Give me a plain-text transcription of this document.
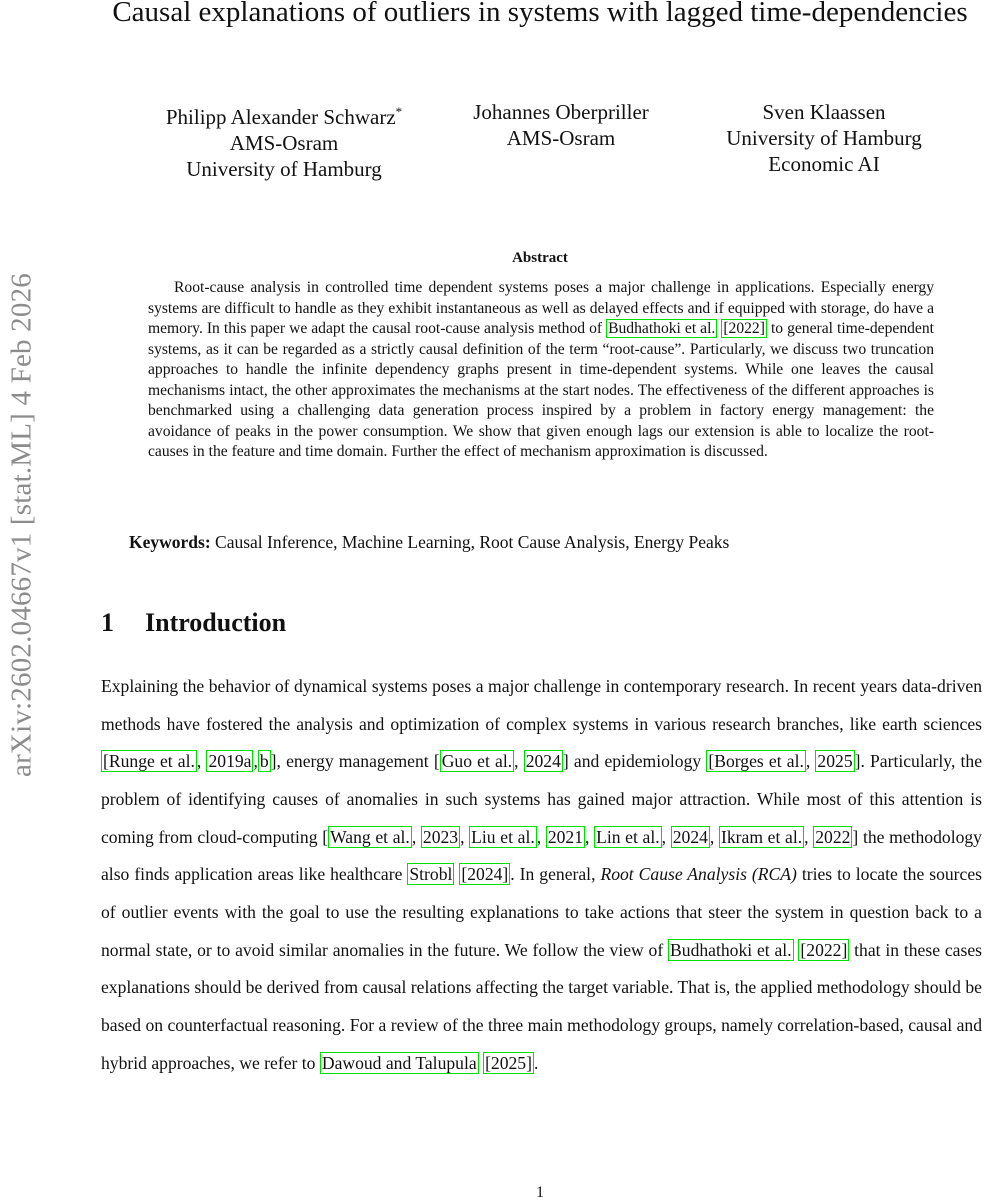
arXiv:2602.04667v1 [stat.ML] 4 Feb 2026
Causal explanations of outliers in systems with lagged time-dependencies
Philipp Alexander Schwarz*
AMS-Osram
University of Hamburg
Johannes Oberpriller
AMS-Osram
Sven Klaassen
University of Hamburg
Economic AI
Abstract

Root-cause analysis in controlled time dependent systems poses a major challenge in applications. Especially energy systems are difficult to handle as they exhibit instantaneous as well as delayed effects and if equipped with storage, do have a memory. In this paper we adapt the causal root-cause analysis method of Budhathoki et al. [2022] to general time-dependent systems, as it can be regarded as a strictly causal definition of the term “root-cause”. Particularly, we discuss two truncation approaches to handle the infinite dependency graphs present in time-dependent systems. While one leaves the causal mechanisms intact, the other approximates the mechanisms at the start nodes. The effectiveness of the different approaches is benchmarked using a challenging data generation process inspired by a problem in factory energy management: the avoidance of peaks in the power consumption. We show that given enough lags our extension is able to localize the root-causes in the feature and time domain. Further the effect of mechanism approximation is discussed.

Keywords: Causal Inference, Machine Learning, Root Cause Analysis, Energy Peaks
1 Introduction

Explaining the behavior of dynamical systems poses a major challenge in contemporary research. In recent years data-driven methods have fostered the analysis and optimization of complex systems in various research branches, like earth sciences [Runge et al. , 2019a , b ], energy management [ Guo et al. , 2024 ] and epidemiology [Borges et al. , 2025 ]. Particularly, the problem of identifying causes of anomalies in such systems has gained major attraction. While most of this attention is coming from cloud-computing [ Wang et al. , 2023 , Liu et al. , 2021 , Lin et al. , 2024 , Ikram et al. , 2022 ] the methodology also finds application areas like healthcare Strobl [2024] . In general, Root Cause Analysis (RCA) tries to locate the sources of outlier events with the goal to use the resulting explanations to take actions that steer the system in question back to a normal state, or to avoid similar anomalies in the future. We follow the view of Budhathoki et al. [2022] that in these cases explanations should be derived from causal relations affecting the target variable. That is, the applied methodology should be based on counterfactual reasoning. For a review of the three main methodology groups, namely correlation-based, causal and hybrid approaches, we refer to Dawoud and Talupula [2025] .

1
